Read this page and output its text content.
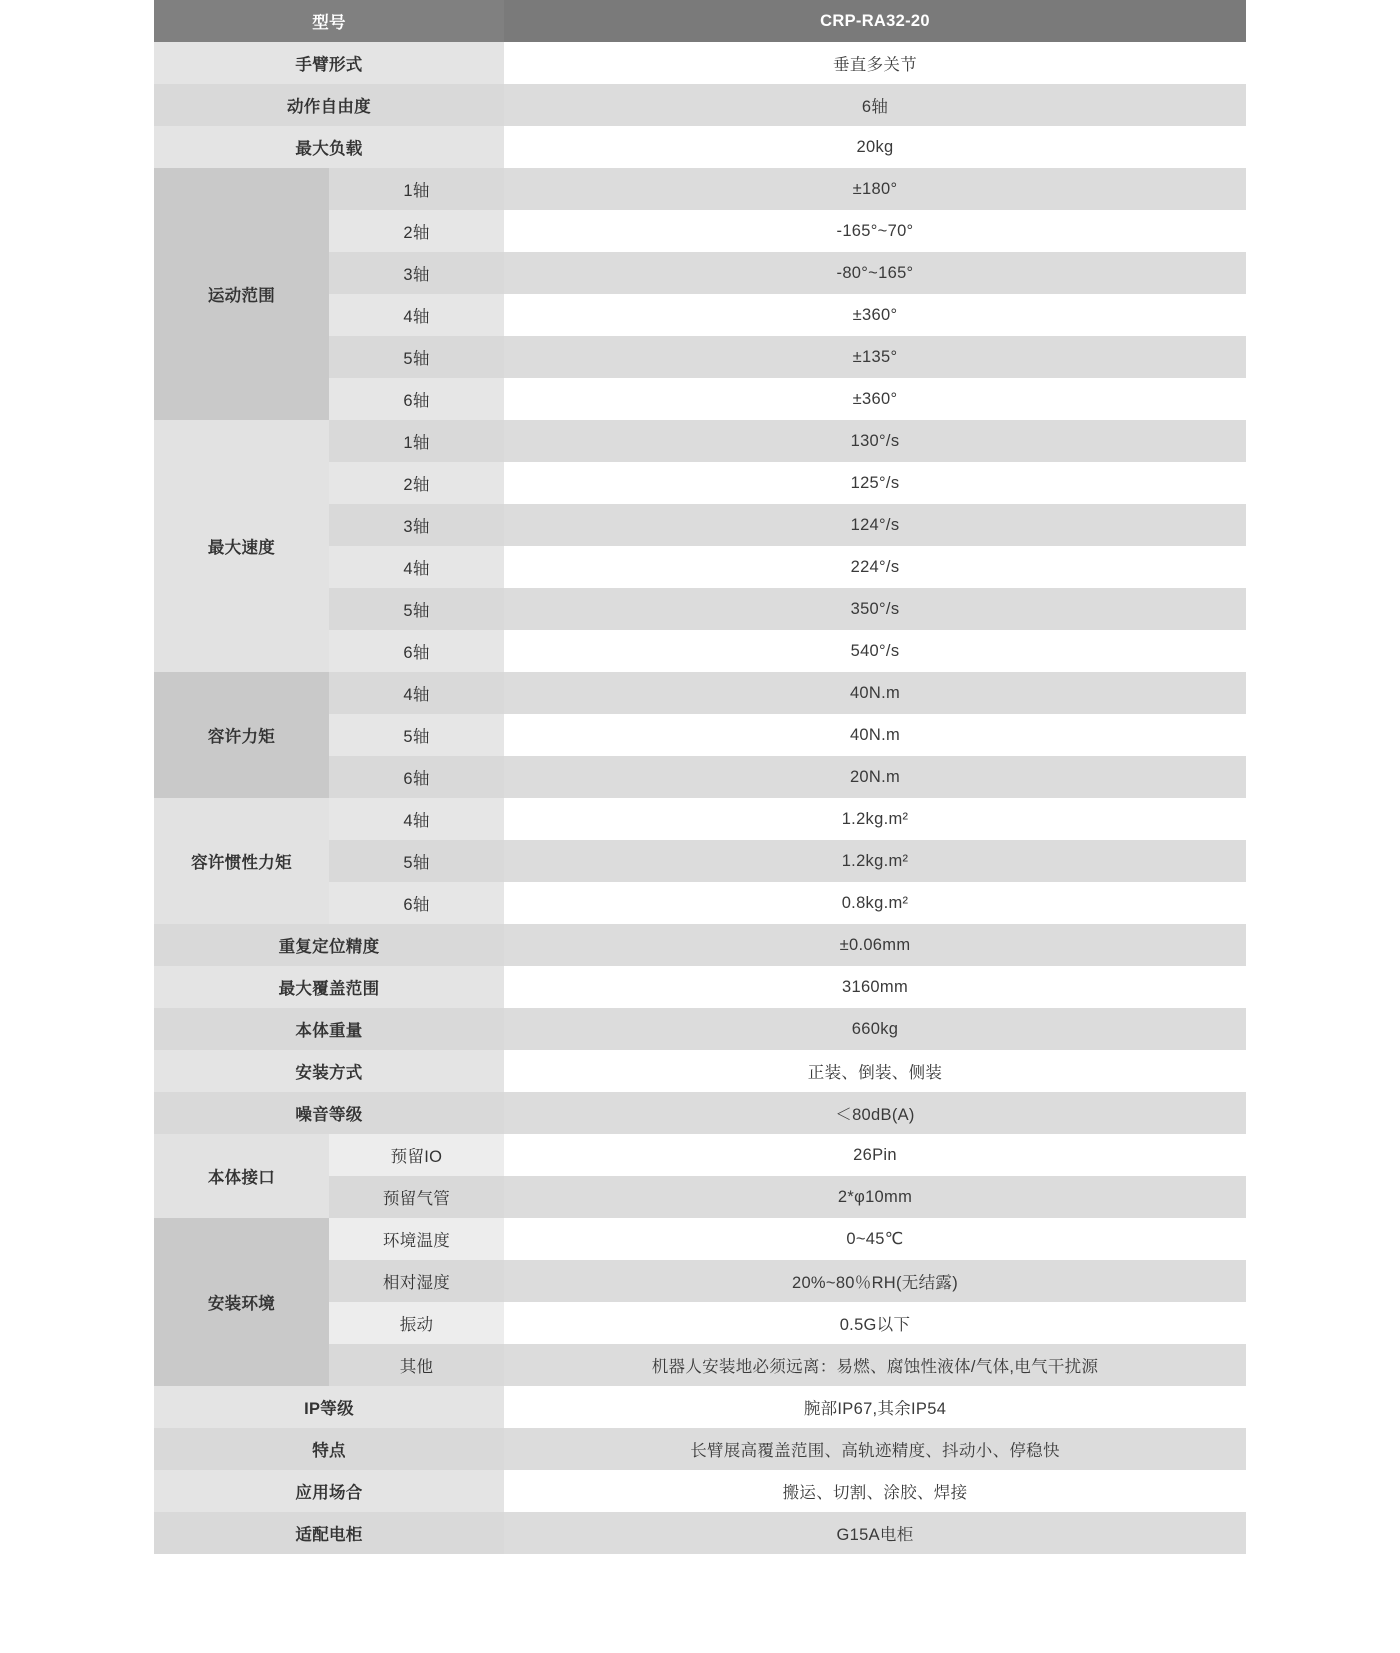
型号		CRP-RA32-20
手臂形式		垂直多关节
动作自由度		6轴
最大负载		20kg
运动范围	1轴	±180°
	2轴	-165°~70°
	3轴	-80°~165°
	4轴	±360°
	5轴	±135°
	6轴	±360°
最大速度	1轴	130°/s
	2轴	125°/s
	3轴	124°/s
	4轴	224°/s
	5轴	350°/s
	6轴	540°/s
容许力矩	4轴	40N.m
	5轴	40N.m
	6轴	20N.m
容许惯性力矩	4轴	1.2kg.m²
	5轴	1.2kg.m²
	6轴	0.8kg.m²
重复定位精度		±0.06mm
最大覆盖范围		3160mm
本体重量		660kg
安装方式		正装、倒装、侧装
噪音等级		＜80dB(A)
本体接口	预留IO	26Pin
	预留气管	2*φ10mm
安装环境	环境温度	0~45℃
	相对湿度	20%~80％RH(无结露)
	振动	0.5G以下
	其他	机器人安装地必须远离：易燃、腐蚀性液体/气体,电气干扰源
IP等级		腕部IP67,其余IP54
特点		长臂展高覆盖范围、高轨迹精度、抖动小、停稳快
应用场合		搬运、切割、涂胶、焊接
适配电柜		G15A电柜
